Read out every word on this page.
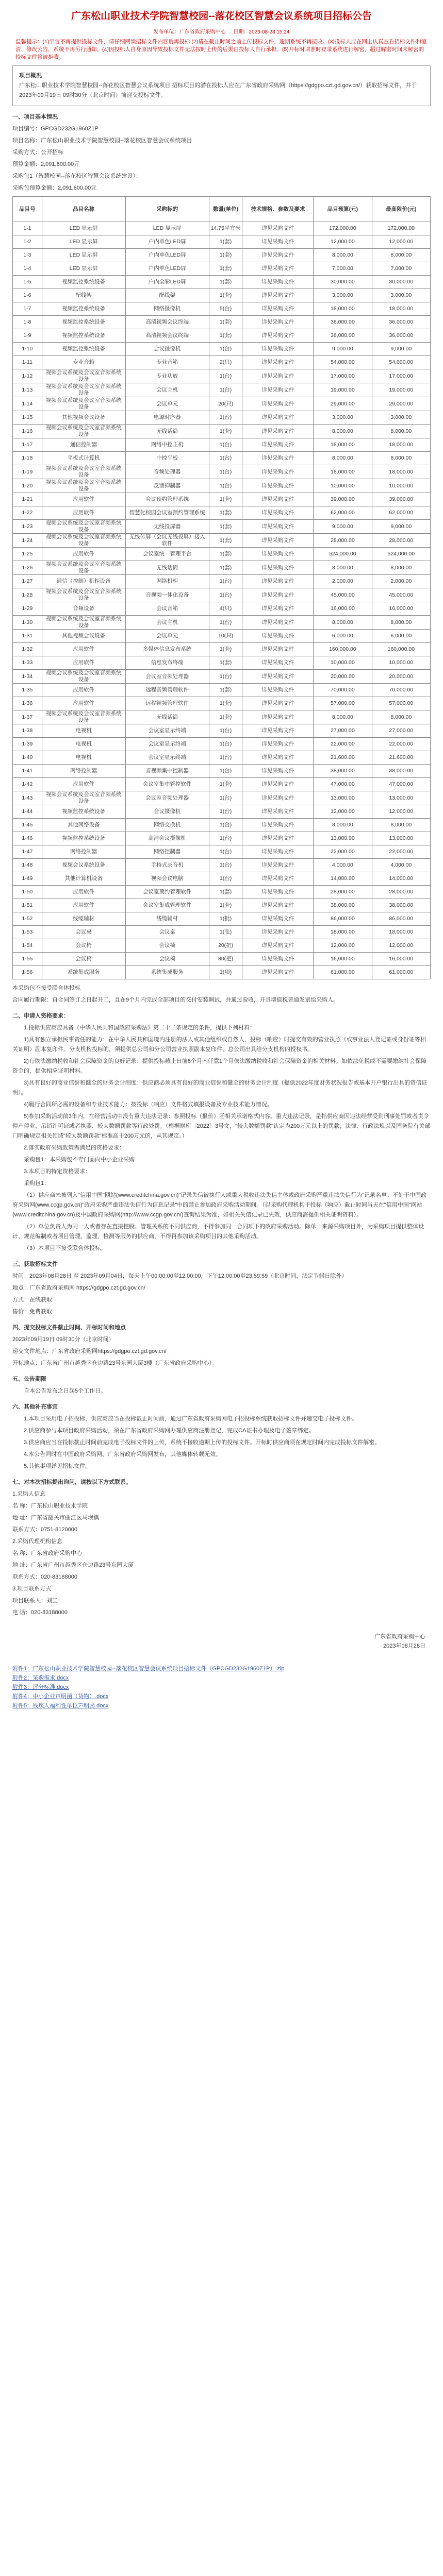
广东松山职业技术学院智慧校园--落花校区智慧会议系统项目招标公告
发布单位：广东省政府采购中心 日期：2023-08-28 15:24
温馨提示：(1)平台不再提供投标文件，请仔细阅读招标文件内容后再投标 (2)请在截止时间之前上传投标文件，逾期系统不再接收。(3)投标人应在网上认真查看招标文件和澄清、修改公告，系统不再另行通知。(4)因投标人自身原因导致投标文件无法按时上传的后果由投标人自行承担。(5)开标时请准时登录系统进行解密，超过解密时间未解密的投标文件将被拒收。
项目概况
广东松山职业技术学院智慧校园--落花校区智慧会议系统项目 招标项目的潜在投标人应在广东省政府采购网（https://gdgpo.czt.gd.gov.cn/）获取招标文件，并于 2023年09月19日 09时30分（北京时间）前递交投标文件。
一、项目基本情况

项目编号：GPCGD232G1960Z1P

项目名称：广东松山职业技术学院智慧校园--落花校区智慧会议系统项目

采购方式：公开招标

预算金额：2,091,600.00元

采购包1（智慧校园--落花校区智慧会议系统建设）：

采购包预算金额：2,091,600.00元

品目号	品目名称	采购标的	数量(单位)	技术规格、参数及要求	品目预算(元)	最高限价(元)
1-1	LED 显示屏	LED 显示屏	14.75平方米	详见采购文件	172,000.00	172,000.00
1-2	LED 显示屏	户内单色LED屏	1(套)	详见采购文件	12,000.00	12,000.00
1-3	LED 显示屏	户内单色LED屏	1(套)	详见采购文件	8,000.00	8,000.00
1-4	LED 显示屏	户内单色LED屏	1(套)	详见采购文件	7,000.00	7,000.00
1-5	视频监控系统设备	户内全彩LED屏	1(套)	详见采购文件	30,000.00	30,000.00
1-6	配线架	配线架	1(套)	详见采购文件	3,000.00	3,000.00
1-7	视频监控系统设备	网络摄像机	5(台)	详见采购文件	18,000.00	18,000.00
1-8	视频监控系统设备	高清视频会议终端	1(套)	详见采购文件	36,000.00	36,000.00
1-9	视频监控系统设备	高清视频会议终端	1(套)	详见采购文件	36,000.00	36,000.00
1-10	视频监控系统设备	会议摄像机	1(台)	详见采购文件	9,000.00	9,000.00
1-11	专业音箱	专业音箱	2(只)	详见采购文件	54,000.00	54,000.00
1-12	视频会议系统及会议室音频系统设备	专业功放	1(台)	详见采购文件	17,000.00	17,000.00
1-13	视频会议系统及会议室音频系统设备	会议主机	1(台)	详见采购文件	19,000.00	19,000.00
1-14	视频会议系统及会议室音频系统设备	会议单元	20(只)	详见采购文件	29,000.00	29,000.00
1-15	其他视频会议设备	电源时序器	1(台)	详见采购文件	3,000.00	3,000.00
1-16	视频会议系统及会议室音频系统设备	无线话筒	1(套)	详见采购文件	8,000.00	8,000.00
1-17	通信控制器	网络中控主机	1(台)	详见采购文件	18,000.00	18,000.00
1-18	平板式计算机	中控平板	1(台)	详见采购文件	8,000.00	8,000.00
1-19	视频会议系统及会议室音频系统设备	音频处理器	1(台)	详见采购文件	18,000.00	18,000.00
1-20	视频会议系统及会议室音频系统设备	反馈抑制器	1(台)	详见采购文件	10,000.00	10,000.00
1-21	应用软件	会议预约管理系统	1(套)	详见采购文件	39,000.00	39,000.00
1-22	应用软件	智慧化校园会议室预约管理系统	1(套)	详见采购文件	62,000.00	62,000.00
1-23	视频会议系统及会议室音频系统设备	无线投屏器	1(套)	详见采购文件	9,000.00	9,000.00
1-24	视频会议系统及会议室音频系统设备	无线传屏（会议无线投屏）接入软件	1(套)	详见采购文件	28,000.00	28,000.00
1-25	应用软件	会议室统一管理平台	1(套)	详见采购文件	524,000.00	524,000.00
1-26	视频会议系统及会议室音频系统设备	无线话筒	1(套)	详见采购文件	8,000.00	8,000.00
1-27	通信（控制）机柜设备	网络机柜	1(台)	详见采购文件	2,000.00	2,000.00
1-28	视频会议系统及会议室音频系统设备	音视频一体化设备	1(台)	详见采购文件	45,000.00	45,000.00
1-29	音频设备	会议音箱	4(只)	详见采购文件	16,000.00	16,000.00
1-30	视频会议系统及会议室音频系统设备	会议主机	1(台)	详见采购文件	8,000.00	8,000.00
1-31	其他视频会议设备	会议单元	10(只)	详见采购文件	6,000.00	6,000.00
1-32	应用软件	多媒体信息发布系统	1(套)	详见采购文件	160,000.00	160,000.00
1-33	应用软件	信息发布终端	1(套)	详见采购文件	10,000.00	10,000.00
1-34	视频会议系统及会议室音频系统设备	会议室音频处理器	1(台)	详见采购文件	20,000.00	20,000.00
1-35	应用软件	远程音频管理软件	1(套)	详见采购文件	70,000.00	70,000.00
1-36	应用软件	远程视频管理软件	1(套)	详见采购文件	57,000.00	57,000.00
1-37	视频会议系统及会议室音频系统设备	无线话筒	1(套)	详见采购文件	8,000.00	8,000.00
1-38	电视机	会议室显示终端	1(台)	详见采购文件	27,000.00	27,000.00
1-39	电视机	会议室显示终端	1(台)	详见采购文件	22,000.00	22,000.00
1-40	电视机	会议室显示终端	1(台)	详见采购文件	21,600.00	21,600.00
1-41	网络控制器	音视频集中控制器	1(台)	详见采购文件	38,000.00	38,000.00
1-42	应用软件	会议室集中管控软件	1(套)	详见采购文件	47,000.00	47,000.00
1-43	视频会议系统及会议室音频系统设备	会议室音频处理器	1(台)	详见采购文件	13,000.00	13,000.00
1-44	视频监控系统设备	会议摄像机	1(台)	详见采购文件	12,000.00	12,000.00
1-45	其他网络设备	网络交换机	1(台)	详见采购文件	8,000.00	8,000.00
1-46	视频监控系统设备	高清会议摄像机	1(台)	详见采购文件	13,000.00	13,000.00
1-47	网络控制器	网络控制器	1(台)	详见采购文件	22,000.00	22,000.00
1-48	视频会议系统设备	手持式录音机	1(台)	详见采购文件	4,000.00	4,000.00
1-49	其他计算机设备	视频会议电脑	1(台)	详见采购文件	14,000.00	14,000.00
1-50	应用软件	会议室预约管理软件	1(套)	详见采购文件	28,000.00	28,000.00
1-51	应用软件	会议室集成管理软件	1(套)	详见采购文件	38,000.00	38,000.00
1-52	线缆辅材	线缆辅材	1(批)	详见采购文件	86,000.00	86,000.00
1-53	会议桌	会议桌	1(张)	详见采购文件	18,000.00	18,000.00
1-54	会议椅	会议椅	20(把)	详见采购文件	12,000.00	12,000.00
1-55	会议椅	会议椅	80(把)	详见采购文件	16,000.00	16,000.00
1-56	系统集成服务	系统集成服务	1(项)	详见采购文件	61,000.00	61,000.00

本采购包不接受联合体投标

合同履行期限：自合同签订之日起开工，且在9个月内完成全部项目的交付安装调试，并通过验收，开具增值税普通发票给采购人。

二、申请人资格要求：

1.投标供应商应具备《中华人民共和国政府采购法》第二十二条规定的条件，提供下列材料：

1)具有独立承担民事责任的能力：在中华人民共和国境内注册的法人或其他组织或自然人，投标（响应）时提交有效的营业执照（或事业法人登记证或身份证等相关证明）副本复印件。分支机构投标的，须提供总公司和分公司营业执照副本复印件，总公司出具给分支机构的授权书。

2)有依法缴纳税收和社会保障资金的良好记录：提供投标截止日前6个月内任意1个月依法缴纳税收和社会保障资金的相关材料。如依法免税或不需要缴纳社会保障资金的，提供相应证明材料。

3)具有良好的商业信誉和健全的财务会计制度：供应商必须具有良好的商业信誉和健全的财务会计制度（提供2022年度财务状况报告或基本开户银行出具的资信证明）。

4)履行合同所必需的设备和专业技术能力：按投标（响应）文件格式填报设备及专业技术能力情况。

5)参加采购活动前3年内，在经营活动中没有重大违法记录：参照投标（报价）函相关承诺格式内容。重大违法记录，是指供应商因违法经营受到刑事处罚或者责令停产停业、吊销许可证或者执照、较大数额罚款等行政处罚。（根据财库〔2022〕3号文，"较大数额罚款"认定为200万元以上的罚款，法律、行政法规以及国务院有关部门明确规定相关领域"较大数额罚款"标准高于200万元的，从其规定。）

2.落实政府采购政策需满足的资格要求：

采购包1：本采购包不专门面向中小企业采购

3.本项目的特定资格要求：

采购包1：

（1）供应商未被列入"信用中国"网站(www.creditchina.gov.cn)"记录失信被执行人或重大税收违法失信主体或政府采购严重违法失信行为"记录名单；不处于中国政府采购网(www.ccgp.gov.cn)"政府采购严重违法失信行为信息记录"中的禁止参加政府采购活动期间。（以采购代理机构于投标（响应）截止时间当天在"信用中国"网站(www.creditchina.gov.cn)及中国政府采购网(http://www.ccgp.gov.cn/)查询结果为准，如相关失信记录已失效，供应商需提供相关证明资料）。

（2）单位负责人为同一人或者存在直接控股、管理关系的不同供应商，不得参加同一合同项下的政府采购活动。除单一来源采购项目外，为采购项目提供整体设计、规范编制或者项目管理、监理、检测等服务的供应商，不得再参加该采购项目的其他采购活动。

（3）本项目不接受联合体投标。

三、获取招标文件

时间：2023年08月28日 至 2023年09月04日，每天上午00:00:00至12:00:00，下午12:00:00至23:59:59（北京时间，法定节假日除外）

地点：广东省政府采购网 https://gdgpo.czt.gd.gov.cn/

方式：在线获取

售价：免费获取

四、提交投标文件截止时间、开标时间和地点

2023年09月19日 09时30分（北京时间）

递交文件地点：广东省政府采购网https://gdgpo.czt.gd.gov.cn/

开标地点：广东省广州市越秀区仓边路23号东园大厦3楼（广东省政府采购中心）。

五、公告期限

自本公告发布之日起5个工作日。

六、其他补充事宜

1.本项目采用电子招投标，供应商应当在投标截止时间前，通过广东省政府采购网电子招投标系统获取招标文件并递交电子投标文件。

2.供应商参与本项目政府采购活动，须在广东省政府采购网办理供应商注册登记，完成CA证书办理及电子签章绑定。

3.供应商应当在投标截止时间前完成电子投标文件的上传，系统不接收逾期上传的投标文件。开标时供应商须在规定时间内完成投标文件解密。

4.本公告同时在中国政府采购网、广东省政府采购网发布，其他媒体转载无效。

5.其他事项详见招标文件。

七、对本次招标提出询问，请按以下方式联系。

1.采购人信息

名 称：广东松山职业技术学院

地 址：广东省韶关市曲江区马坝镇

联系方式：0751-8120000

2.采购代理机构信息

名 称：广东省政府采购中心

地 址：广东省广州市越秀区仓边路23号东园大厦

联系方式：020-83188000

3.项目联系方式

项目联系人：刘工

电 话：020-83188000

广东省政府采购中心
2023年08月28日
附件1：广东松山职业技术学院智慧校园--落花校区智慧会议系统项目招标文件（GPCGD232G1960Z1P）.zip
附件2：采购需求.docx
附件3：评分标准.docx
附件4：中小企业声明函（货物）.docx
附件5：残疾人福利性单位声明函.docx
